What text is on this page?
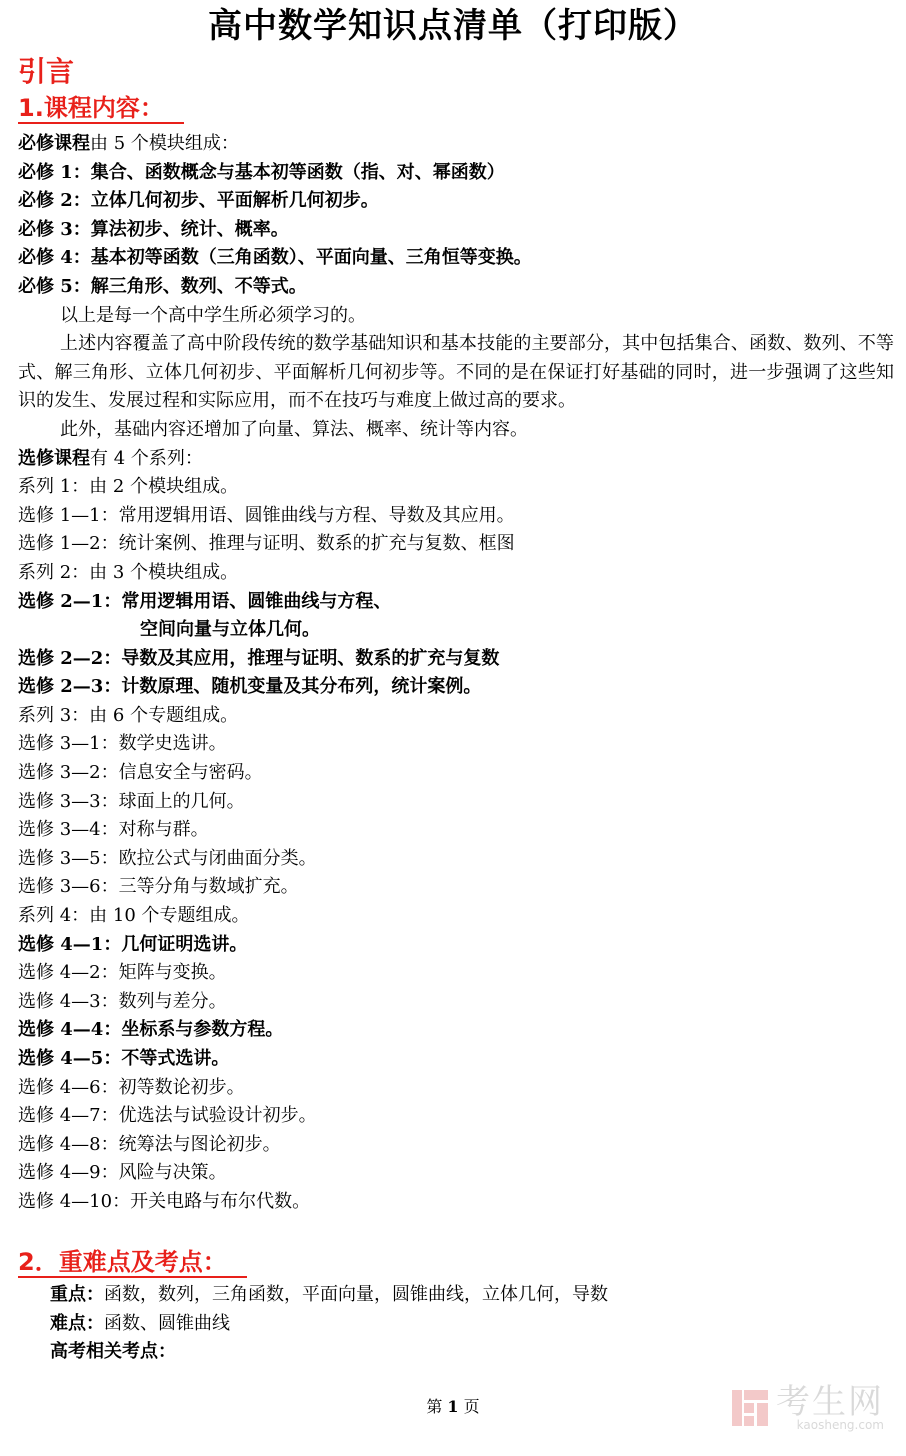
高中数学知识点清单（打印版）
引言
1.课程内容：
必修课程由 5 个模块组成：
必修 1：集合、函数概念与基本初等函数（指、对、幂函数）
必修 2：立体几何初步、平面解析几何初步。
必修 3：算法初步、统计、概率。
必修 4：基本初等函数（三角函数）、平面向量、三角恒等变换。
必修 5：解三角形、数列、不等式。

以上是每一个高中学生所必须学习的。

上述内容覆盖了高中阶段传统的数学基础知识和基本技能的主要部分，其中包括集合、函数、数列、不等式、解三角形、立体几何初步、平面解析几何初步等。不同的是在保证打好基础的同时，进一步强调了这些知识的发生、发展过程和实际应用，而不在技巧与难度上做过高的要求。

此外，基础内容还增加了向量、算法、概率、统计等内容。

选修课程有 4 个系列：
系列 1：由 2 个模块组成。
选修 1—1：常用逻辑用语、圆锥曲线与方程、导数及其应用。
选修 1—2：统计案例、推理与证明、数系的扩充与复数、框图
系列 2：由 3 个模块组成。
选修 2—1：常用逻辑用语、圆锥曲线与方程、
空间向量与立体几何。
选修 2—2：导数及其应用，推理与证明、数系的扩充与复数
选修 2—3：计数原理、随机变量及其分布列，统计案例。
系列 3：由 6 个专题组成。
选修 3—1：数学史选讲。
选修 3—2：信息安全与密码。
选修 3—3：球面上的几何。
选修 3—4：对称与群。
选修 3—5：欧拉公式与闭曲面分类。
选修 3—6：三等分角与数域扩充。
系列 4：由 10 个专题组成。
选修 4—1：几何证明选讲。
选修 4—2：矩阵与变换。
选修 4—3：数列与差分。
选修 4—4：坐标系与参数方程。
选修 4—5：不等式选讲。
选修 4—6：初等数论初步。
选修 4—7：优选法与试验设计初步。
选修 4—8：统筹法与图论初步。
选修 4—9：风险与决策。
选修 4—10：开关电路与布尔代数。
2．重难点及考点：
重点：函数，数列，三角函数，平面向量，圆锥曲线，立体几何，导数
难点：函数、圆锥曲线
高考相关考点：
第 1 页	考生网
kaosheng.com
